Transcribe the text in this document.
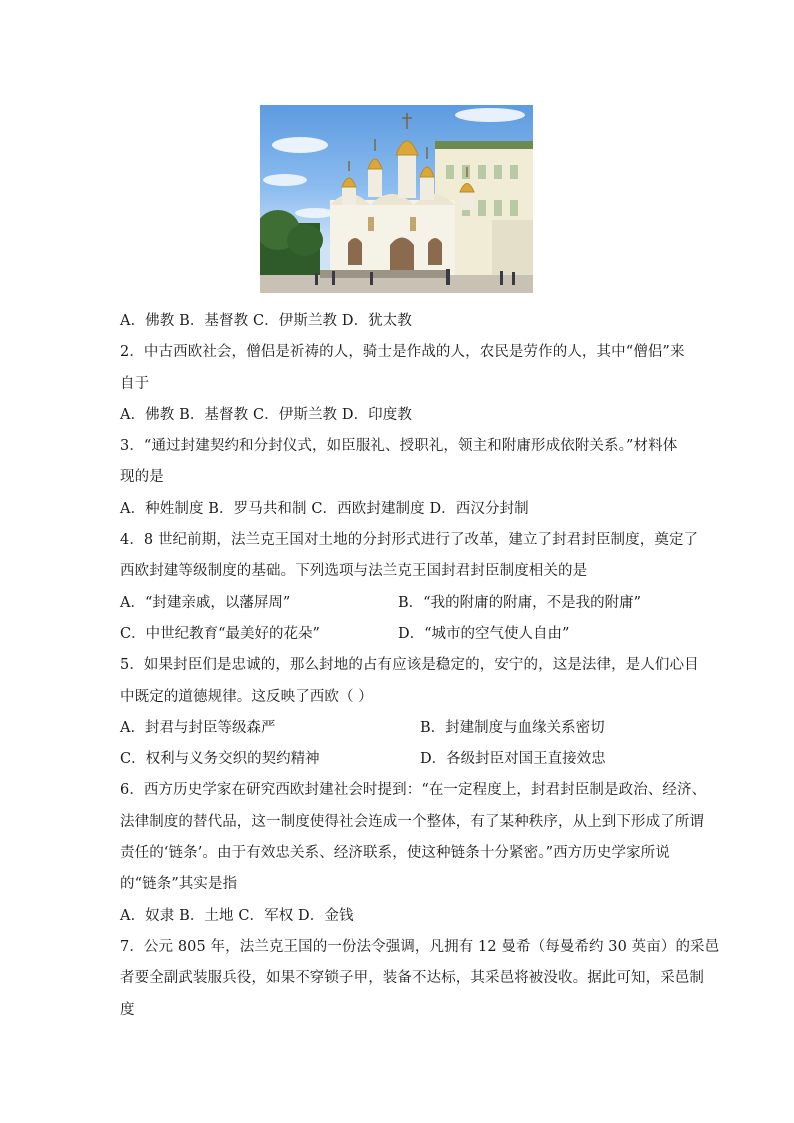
A．佛教 B．基督教 C．伊斯兰教 D．犹太教
2．中古西欧社会，僧侣是祈祷的人，骑士是作战的人，农民是劳作的人，其中“僧侣”来
自于
A．佛教 B．基督教 C．伊斯兰教 D．印度教
3．“通过封建契约和分封仪式，如臣服礼、授职礼，领主和附庸形成依附关系。”材料体
现的是
A．种姓制度 B．罗马共和制 C．西欧封建制度 D．西汉分封制
4．8 世纪前期，法兰克王国对土地的分封形式进行了改革，建立了封君封臣制度，奠定了
西欧封建等级制度的基础。下列选项与法兰克王国封君封臣制度相关的是
A．“封建亲戚，以藩屏周”	B．“我的附庸的附庸，不是我的附庸”
C．中世纪教育“最美好的花朵”	D．“城市的空气使人自由”
5．如果封臣们是忠诚的，那么封地的占有应该是稳定的，安宁的，这是法律，是人们心目
中既定的道德规律。这反映了西欧（ ）
A．封君与封臣等级森严	B．封建制度与血缘关系密切
C．权利与义务交织的契约精神	D．各级封臣对国王直接效忠
6．西方历史学家在研究西欧封建社会时提到：“在一定程度上，封君封臣制是政治、经济、
法律制度的替代品，这一制度使得社会连成一个整体，有了某种秩序，从上到下形成了所谓
责任的‘链条’。由于有效忠关系、经济联系，使这种链条十分紧密。”西方历史学家所说
的“链条”其实是指
A．奴隶 B．土地 C．军权 D．金钱
7．公元 805 年，法兰克王国的一份法令强调，凡拥有 12 曼希（每曼希约 30 英亩）的采邑
者要全副武装服兵役，如果不穿锁子甲，装备不达标，其采邑将被没收。据此可知，采邑制
度
